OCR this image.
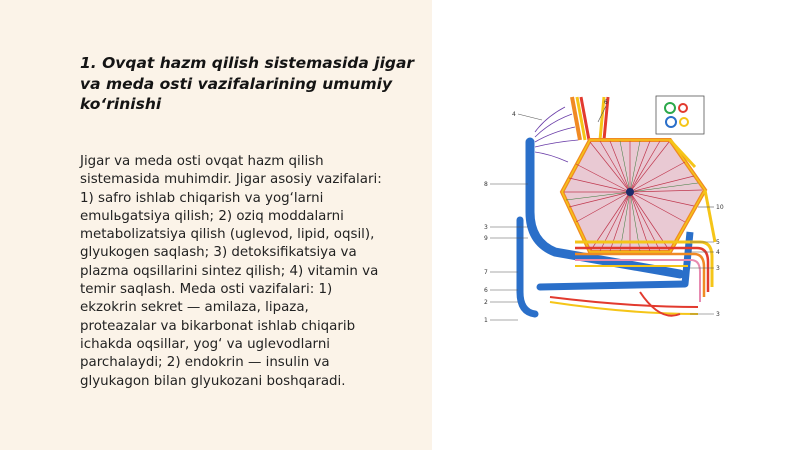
1. Ovqat hazm qilish sistemasida jigar
va meda osti vazifalarining umumiy
ko‘rinishi

Jigar va meda osti ovqat hazm qilish
sistemasida muhimdir. Jigar asosiy vazifalari:
1) safro ishlab chiqarish va yog‘larni
emulьgatsiya qilish; 2) oziq moddalarni
metabolizatsiya qilish (uglevod, lipid, oqsil),
glyukogen saqlash; 3) detoksifikatsiya va
plazma oqsillarini sintez qilish; 4) vitamin va
temir saqlash. Meda osti vazifalari: 1)
ekzokrin sekret — amilaza, lipaza,
proteazalar va bikarbonat ishlab chiqarib
ichakda oqsillar, yog‘ va uglevodlarni
parchalaydi; 2) endokrin — insulin va
glyukagon bilan glyukozani boshqaradi.

4
6
8
3
9
7
6
2
1
10
5
4
3
3
